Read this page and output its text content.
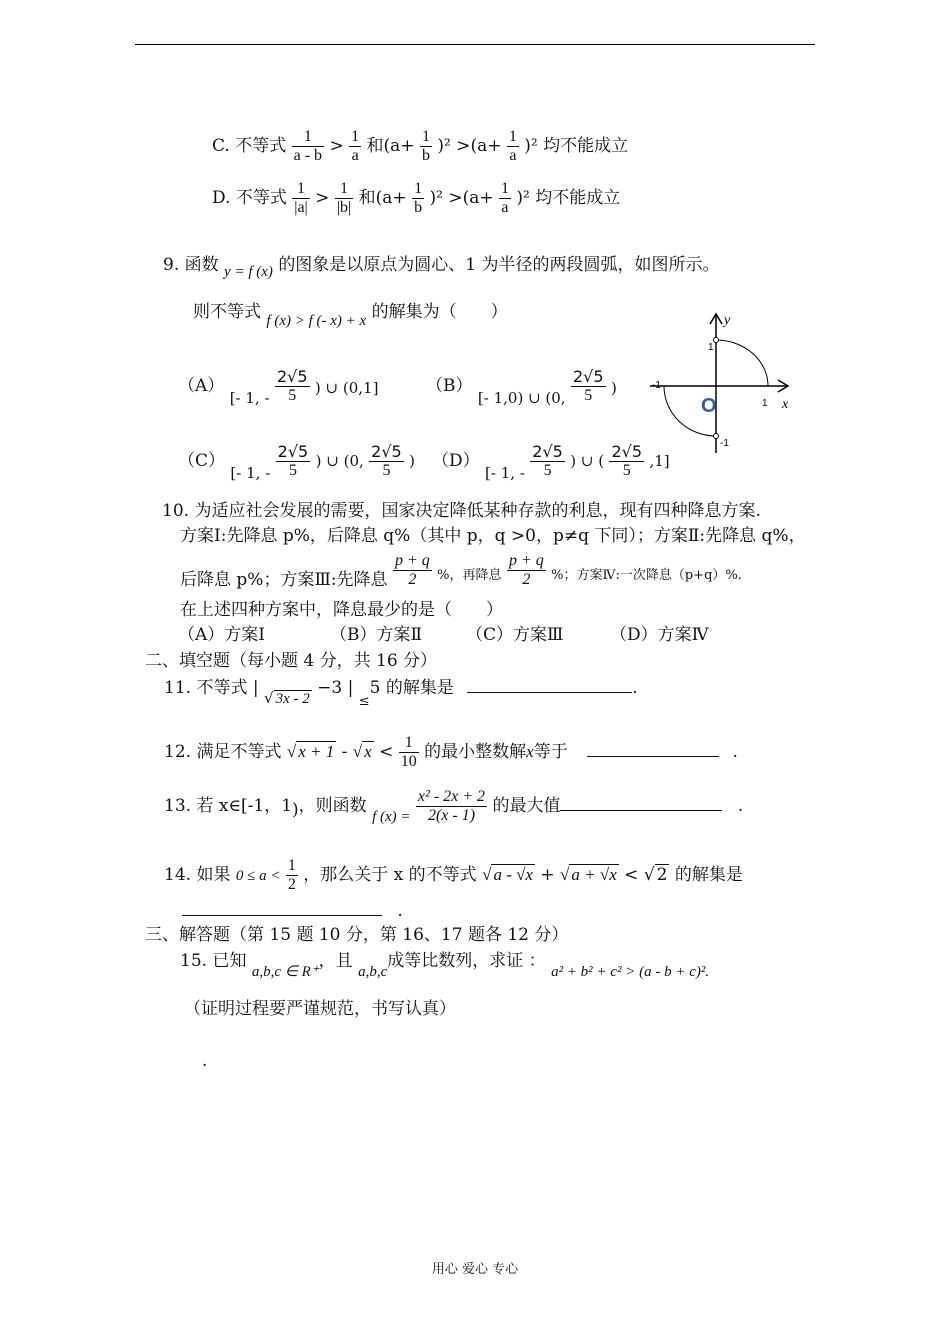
C. 不等式 $\frac{1}{a - b} > \frac{1}{a}$ 和$(a+ \frac{1}{b} )^2 >(a+ \frac{1}{a} )^2$ 均不能成立
D. 不等式 $\frac{1}{|a|} > \frac{1}{|b|}$ 和$(a+ \frac{1}{b} )^2 >(a+ \frac{1}{a} )^2$ 均不能成立
9. 函数 y = f (x) 的图象是以原点为圆心、1 为半径的两段圆弧，如图所示。
则不等式 f (x) > f (- x) + x 的解集为（　　）
（A） [- 1, - $\frac{2√5}{5}$ ) ∪ (0,1]	（B） [- 1,0) ∪ (0, $\frac{2√5}{5}$ )
（C） [- 1, - $\frac{2√5}{5}$ ) ∪ (0, $\frac{2√5}{5}$ ) （D） [- 1, - $\frac{2√5}{5}$ ) ∪ ( $\frac{2√5}{5} ,1$]
y
x
O
1
-1
-1
1
10. 为适应社会发展的需要，国家决定降低某种存款的利息，现有四种降息方案.
方案Ⅰ:先降息 p%，后降息 q%（其中 p，q >0，p≠q 下同）；方案Ⅱ:先降息 q%，
后降息 p%；方案Ⅲ:先降息 $\frac{p + q}{2} _{\%,再降息} \frac{p + q}{2} _{\%;方案Ⅳ:一次降息(p+q)\%.}$
在上述四种方案中，降息最少的是（　　）
（A）方案Ⅰ	（B）方案Ⅱ	（C）方案Ⅲ	（D）方案Ⅳ
二、填空题（每小题 4 分，共 16 分）
11. 不等式 | √ 3x - 2 −3 | $_\le$5 的解集是	.
12. 满足不等式 √ x + 1 - √ $x < \frac{1}{10}$ 的最小整数解x等于	.
13. 若 x∈[-1，1)，则函数 f $(x) = \frac{\text{x² - 2x + 2}}{2(x - 1)}$ 的最大值	.
14. 如果 $0 \le a < \frac{1}{2}$ ，那么关于 x 的不等式 √ a - √x + √ a + √x < √ 2 的解集是
.
三、解答题（第 15 题 10 分，第 16、17 题各 12 分）
15. 已知 a,b,c ∈ R⁺，且 a,b,c成等比数列，求证 ： a² + b² + c² > (a - b + c)².
（证明过程要严谨规范，书写认真）
.
用心 爱心 专心
